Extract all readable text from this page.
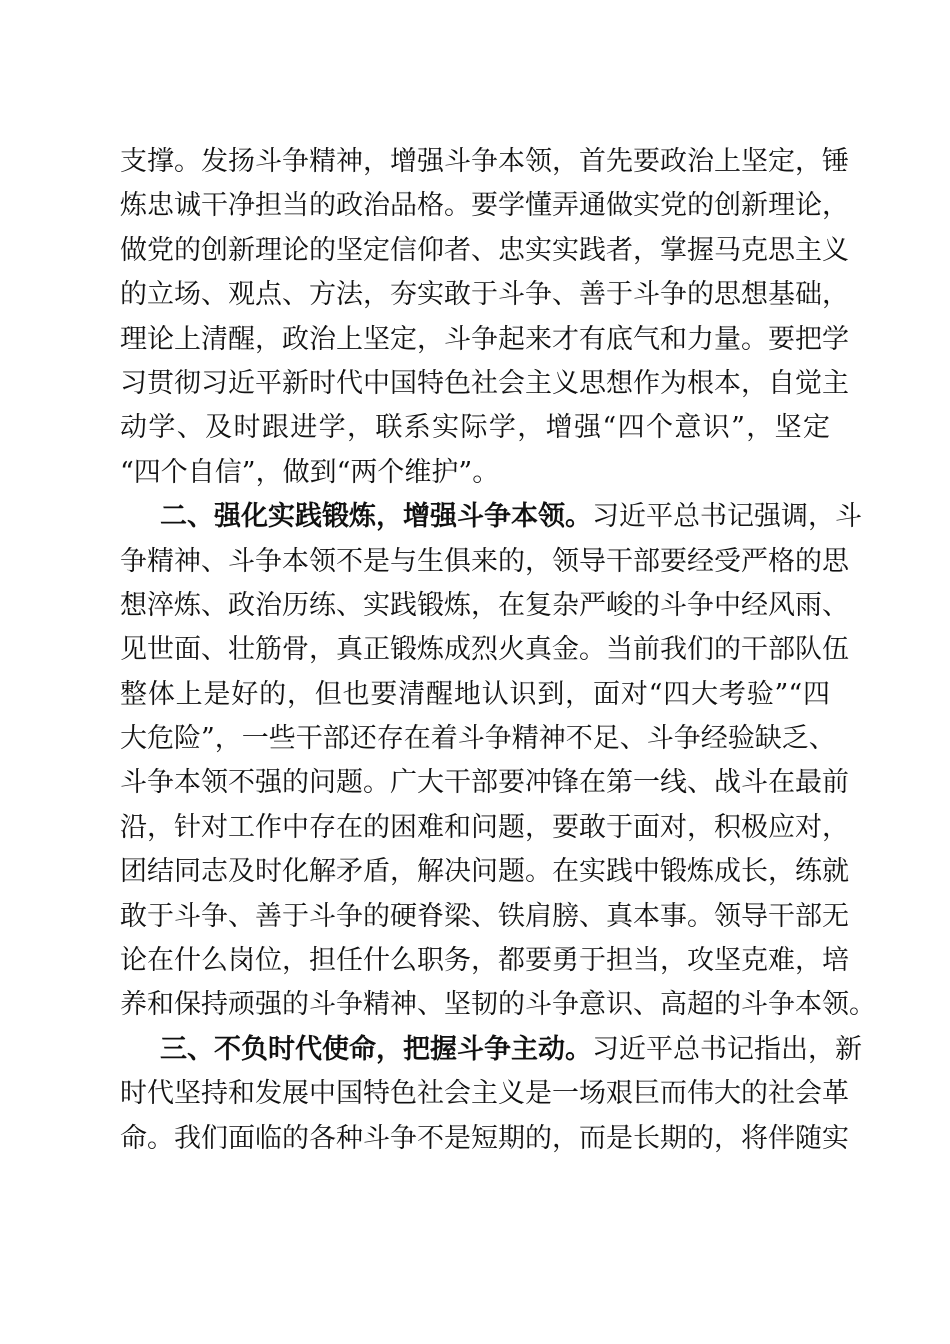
支撑。发扬斗争精神，增强斗争本领，首先要政治上坚定，锤
炼忠诚干净担当的政治品格。要学懂弄通做实党的创新理论，
做党的创新理论的坚定信仰者、忠实实践者，掌握马克思主义
的立场、观点、方法，夯实敢于斗争、善于斗争的思想基础，
理论上清醒，政治上坚定，斗争起来才有底气和力量。要把学
习贯彻习近平新时代中国特色社会主义思想作为根本，自觉主
动学、及时跟进学，联系实际学，增强“四个意识”，坚定
“四个自信”，做到“两个维护”。
二、强化实践锻炼，增强斗争本领。习近平总书记强调，斗
争精神、斗争本领不是与生俱来的，领导干部要经受严格的思
想淬炼、政治历练、实践锻炼，在复杂严峻的斗争中经风雨、
见世面、壮筋骨，真正锻炼成烈火真金。当前我们的干部队伍
整体上是好的，但也要清醒地认识到，面对“四大考验”“四
大危险”，一些干部还存在着斗争精神不足、斗争经验缺乏、
斗争本领不强的问题。广大干部要冲锋在第一线、战斗在最前
沿，针对工作中存在的困难和问题，要敢于面对，积极应对，
团结同志及时化解矛盾，解决问题。在实践中锻炼成长，练就
敢于斗争、善于斗争的硬脊梁、铁肩膀、真本事。领导干部无
论在什么岗位，担任什么职务，都要勇于担当，攻坚克难，培
养和保持顽强的斗争精神、坚韧的斗争意识、高超的斗争本领。
三、不负时代使命，把握斗争主动。习近平总书记指出，新
时代坚持和发展中国特色社会主义是一场艰巨而伟大的社会革
命。我们面临的各种斗争不是短期的，而是长期的，将伴随实
